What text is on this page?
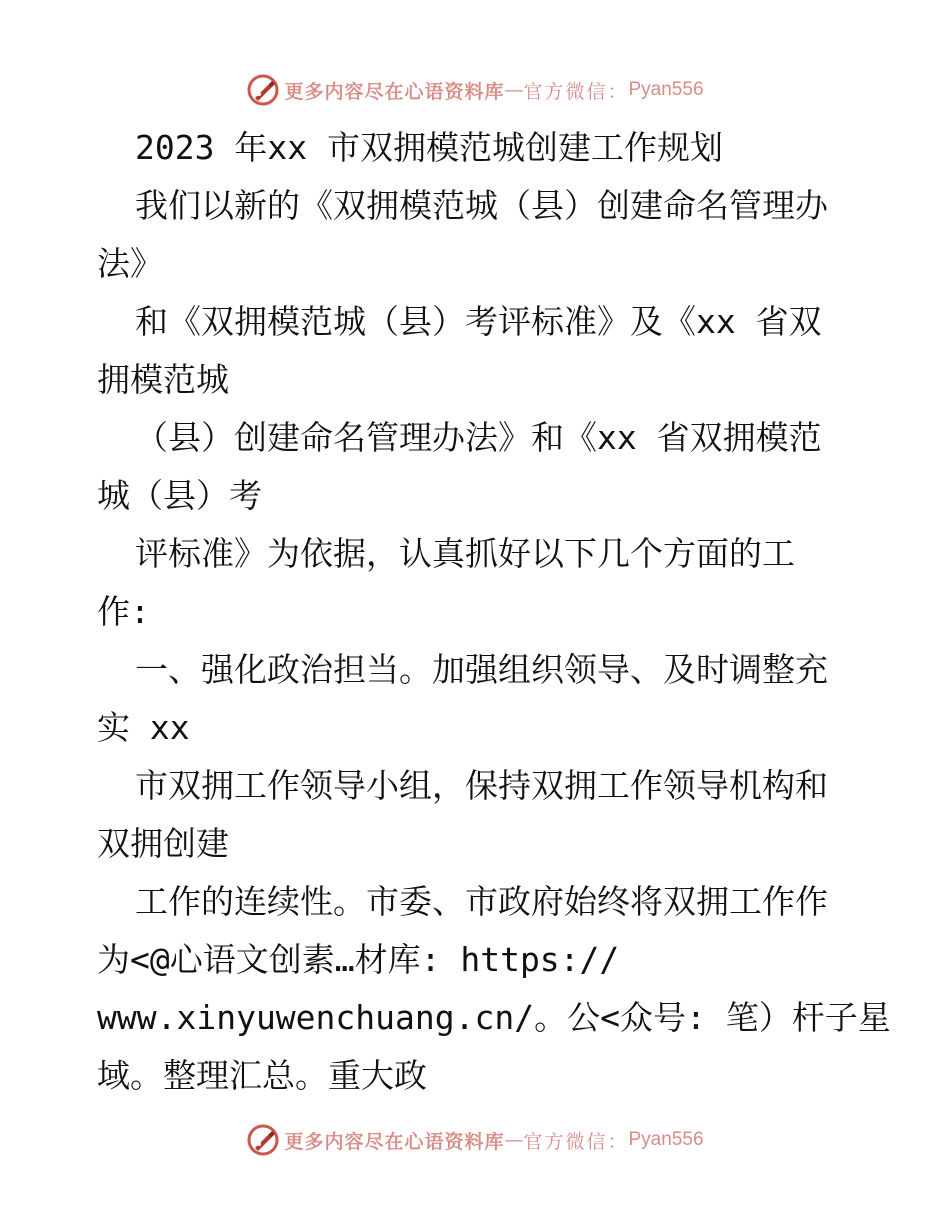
更多内容尽在心语资料库 — 官方微信： Pyan556
2023 年xx 市双拥模范城创建工作规划
我们以新的《双拥模范城（县）创建命名管理办
法》
和《双拥模范城（县）考评标准》及《xx 省双
拥模范城
（县）创建命名管理办法》和《xx 省双拥模范
城（县）考
评标准》为依据，认真抓好以下几个方面的工
作:
一、强化政治担当。加强组织领导、及时调整充
实 xx
市双拥工作领导小组，保持双拥工作领导机构和
双拥创建
工作的连续性。市委、市政府始终将双拥工作作
为<@心语文创素…材库: https://
www.xinyuwenchuang.cn/。公<众号: 笔）杆子星
域。整理汇总。重大政
更多内容尽在心语资料库 — 官方微信： Pyan556
